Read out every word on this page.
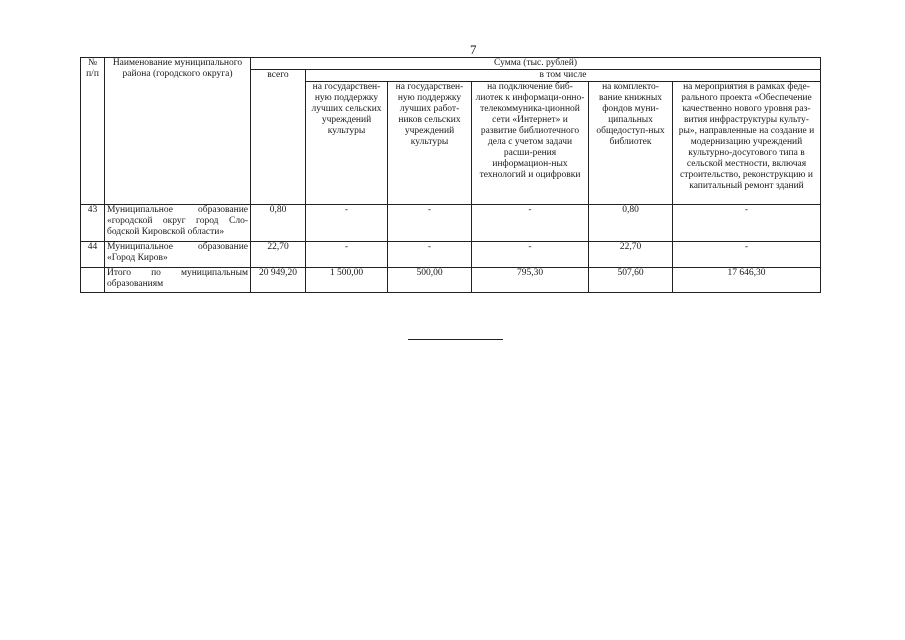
7
№ п/п	Наименование муниципального района (городского округа)	Сумма (тыс. рублей)					
		всего	в том числе				
			на государствен-ную поддержку лучших сельских учреждений культуры	на государствен-ную поддержку лучших работ-ников сельских учреждений культуры	на подключение биб-лиотек к информаци-онно-телекоммуника-ционной сети «Интернет» и развитие библиотечного дела с учетом задачи расши-рения информацион-ных технологий и оцифровки	на комплекто-вание книжных фондов муни-ципальных общедоступ-ных библиотек	на мероприятия в рамках феде-рального проекта «Обеспечение качественно нового уровня раз-вития инфраструктуры культу-ры», направленные на создание и модернизацию учреждений культурно-досугового типа в сельской местности, включая строительство, реконструкцию и капитальный ремонт зданий
43	Муниципальное образование «городской округ город Сло-бодской Кировской области»	0,80	-	-	-	0,80	-
44	Муниципальное образование «Город Киров»	22,70	-	-	-	22,70	-
	Итого по муниципальным образованиям	20 949,20	1 500,00	500,00	795,30	507,60	17 646,30
